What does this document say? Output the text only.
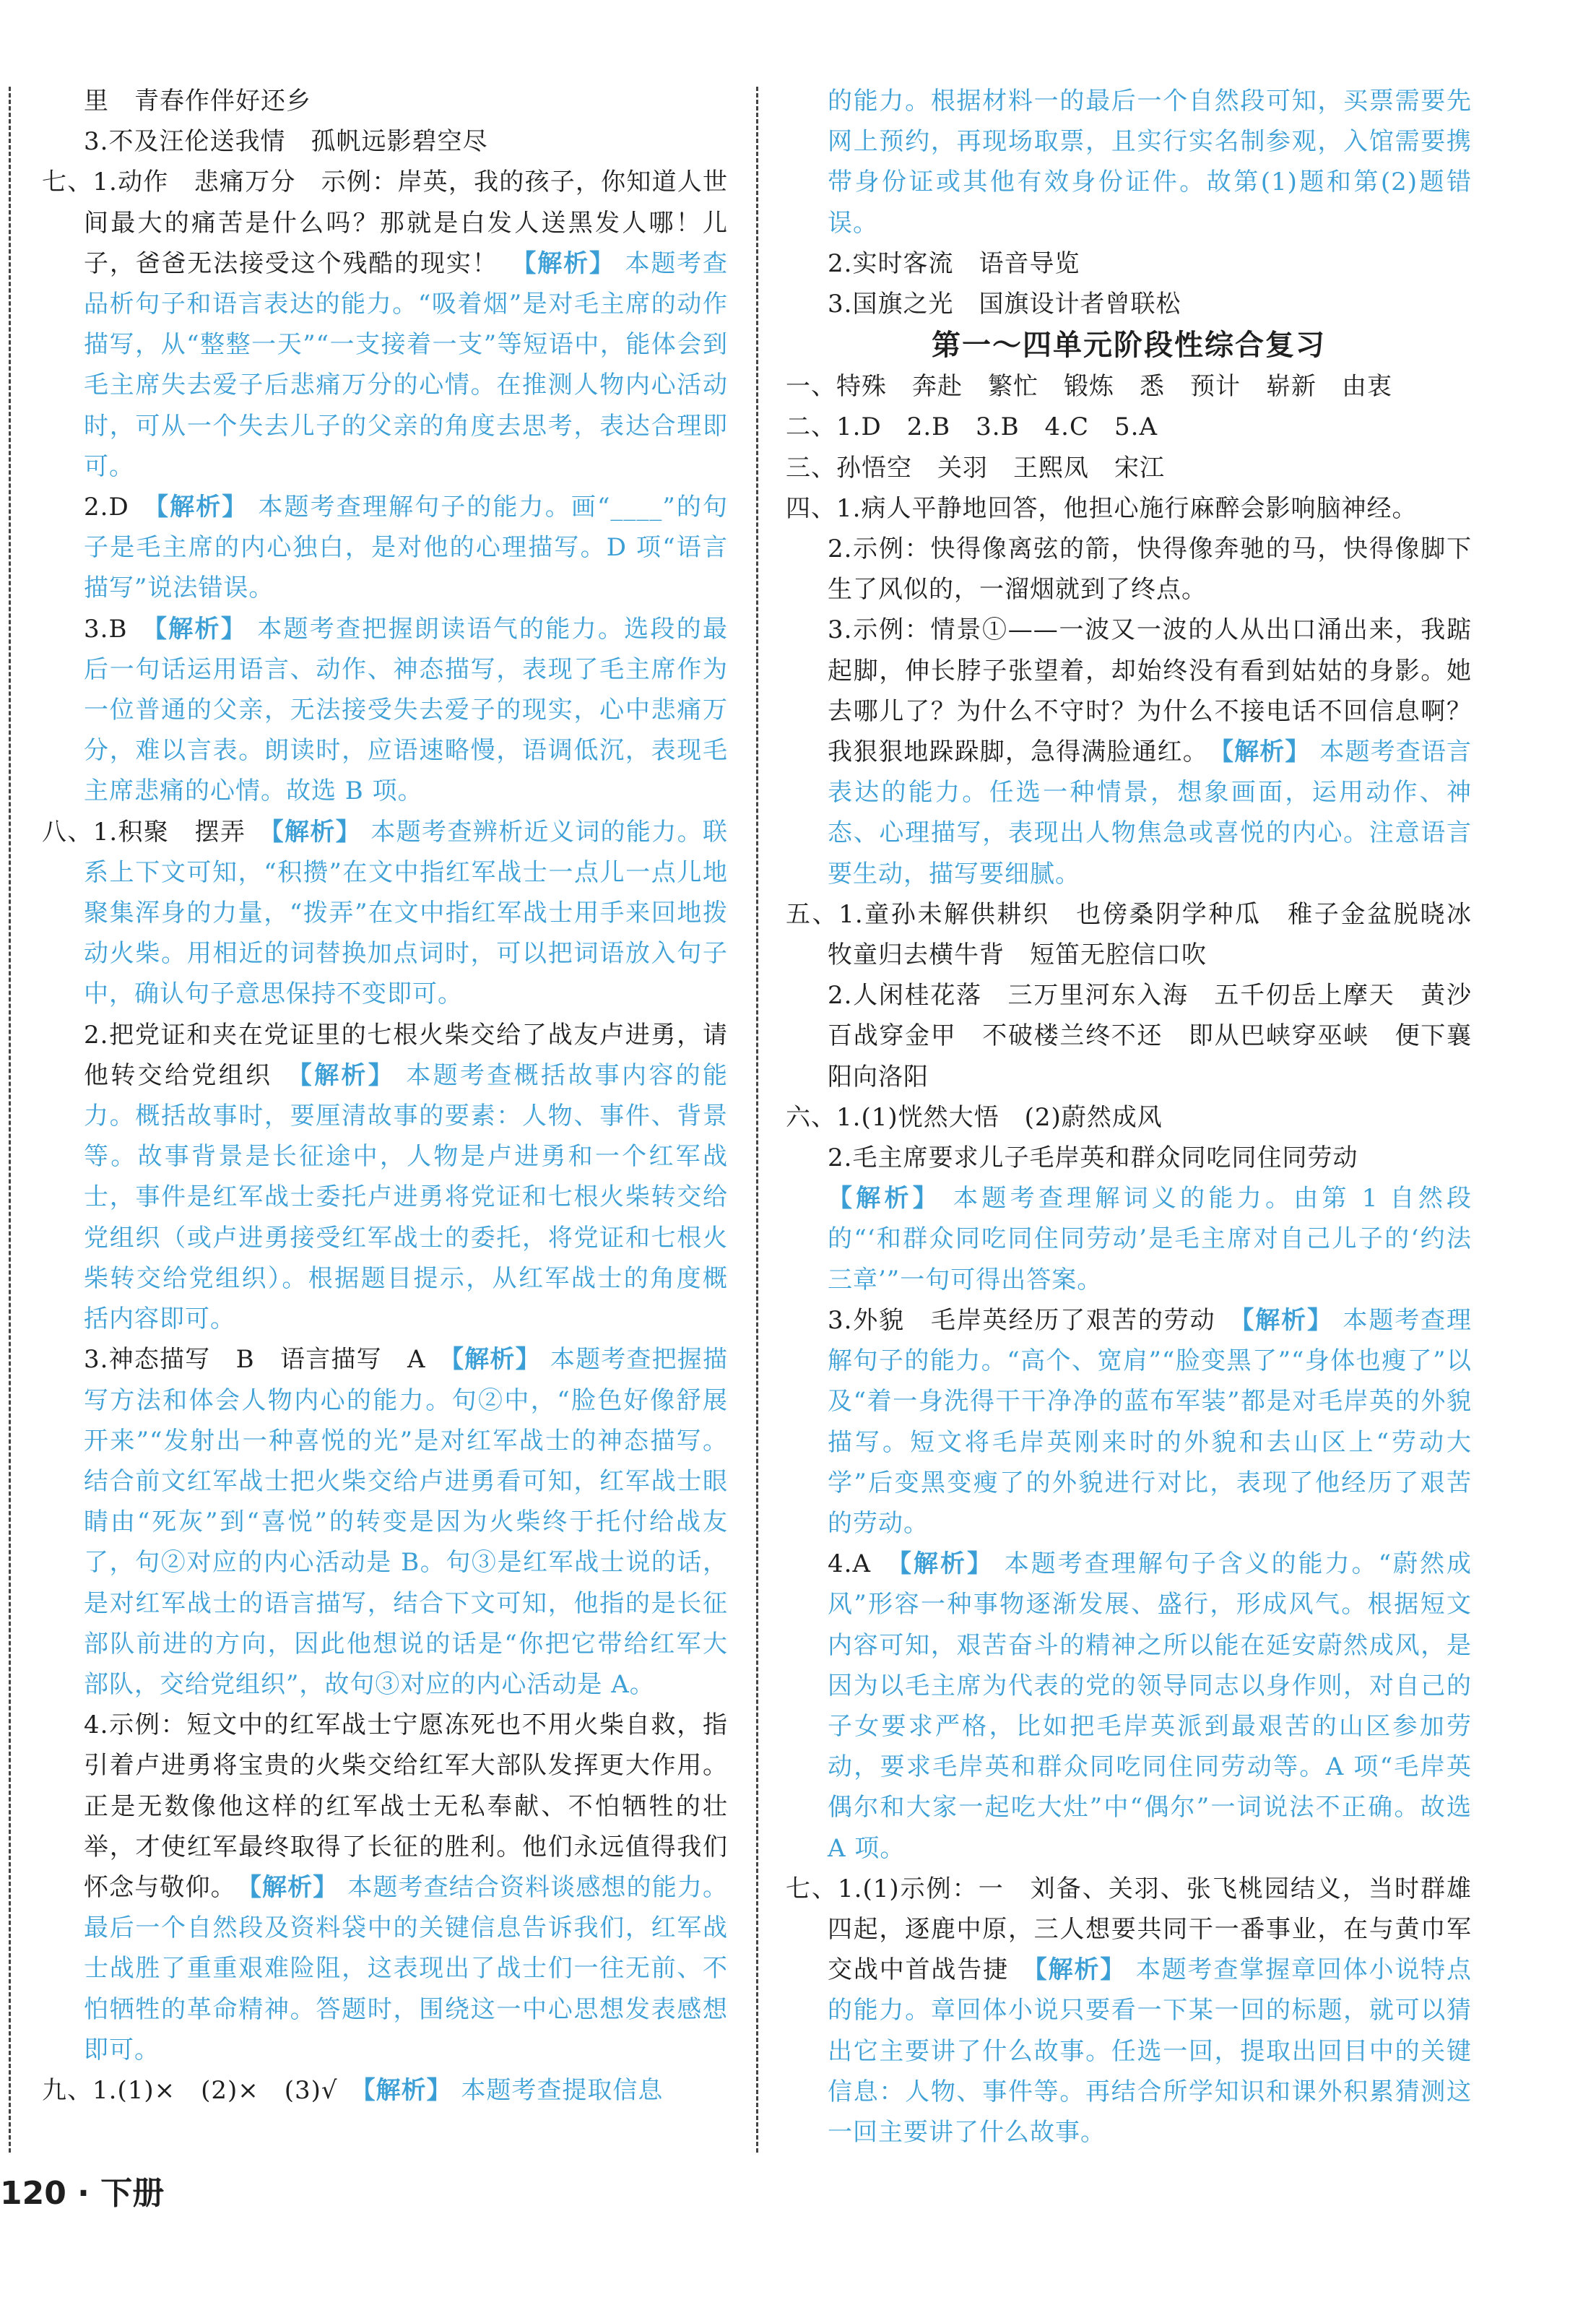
里　青春作伴好还乡

3.不及汪伦送我情　孤帆远影碧空尽

七、1.动作　悲痛万分　示例：岸英，我的孩子，你知道人世间最大的痛苦是什么吗？那就是白发人送黑发人哪！儿子，爸爸无法接受这个残酷的现实！　【解析】 本题考查品析句子和语言表达的能力。“吸着烟”是对毛主席的动作描写，从“整整一天”“一支接着一支”等短语中，能体会到毛主席失去爱子后悲痛万分的心情。在推测人物内心活动时，可从一个失去儿子的父亲的角度去思考，表达合理即可。

2.D　【解析】 本题考查理解句子的能力。画“____”的句子是毛主席的内心独白，是对他的心理描写。D 项“语言描写”说法错误。

3.B　【解析】 本题考查把握朗读语气的能力。选段的最后一句话运用语言、动作、神态描写，表现了毛主席作为一位普通的父亲，无法接受失去爱子的现实，心中悲痛万分，难以言表。朗读时，应语速略慢，语调低沉，表现毛主席悲痛的心情。故选 B 项。

八、1.积聚　摆弄　【解析】 本题考查辨析近义词的能力。联系上下文可知，“积攒”在文中指红军战士一点儿一点儿地聚集浑身的力量，“拨弄”在文中指红军战士用手来回地拨动火柴。用相近的词替换加点词时，可以把词语放入句子中，确认句子意思保持不变即可。

2.把党证和夹在党证里的七根火柴交给了战友卢进勇，请他转交给党组织　【解析】 本题考查概括故事内容的能力。概括故事时，要厘清故事的要素：人物、事件、背景等。故事背景是长征途中，人物是卢进勇和一个红军战士，事件是红军战士委托卢进勇将党证和七根火柴转交给党组织（或卢进勇接受红军战士的委托，将党证和七根火柴转交给党组织）。根据题目提示，从红军战士的角度概括内容即可。

3.神态描写　B　语言描写　A　【解析】 本题考查把握描写方法和体会人物内心的能力。句②中，“脸色好像舒展开来”“发射出一种喜悦的光”是对红军战士的神态描写。结合前文红军战士把火柴交给卢进勇看可知，红军战士眼睛由“死灰”到“喜悦”的转变是因为火柴终于托付给战友了，句②对应的内心活动是 B。句③是红军战士说的话，是对红军战士的语言描写，结合下文可知，他指的是长征部队前进的方向，因此他想说的话是“你把它带给红军大部队，交给党组织”，故句③对应的内心活动是 A。

4.示例：短文中的红军战士宁愿冻死也不用火柴自救，指引着卢进勇将宝贵的火柴交给红军大部队发挥更大作用。正是无数像他这样的红军战士无私奉献、不怕牺牲的壮举，才使红军最终取得了长征的胜利。他们永远值得我们怀念与敬仰。　【解析】 本题考查结合资料谈感想的能力。最后一个自然段及资料袋中的关键信息告诉我们，红军战士战胜了重重艰难险阻，这表现出了战士们一往无前、不怕牺牲的革命精神。答题时，围绕这一中心思想发表感想即可。

九、1.(1)×　(2)×　(3)√　【解析】 本题考查提取信息

的能力。根据材料一的最后一个自然段可知，买票需要先网上预约，再现场取票，且实行实名制参观，入馆需要携带身份证或其他有效身份证件。故第(1)题和第(2)题错误。

2.实时客流　语音导览

3.国旗之光　国旗设计者曾联松

第一～四单元阶段性综合复习

一、特殊　奔赴　繁忙　锻炼　悉　预计　崭新　由衷

二、1.D　2.B　3.B　4.C　5.A

三、孙悟空　关羽　王熙凤　宋江

四、1.病人平静地回答，他担心施行麻醉会影响脑神经。

2.示例：快得像离弦的箭，快得像奔驰的马，快得像脚下生了风似的，一溜烟就到了终点。

3.示例：情景①——一波又一波的人从出口涌出来，我踮起脚，伸长脖子张望着，却始终没有看到姑姑的身影。她去哪儿了？为什么不守时？为什么不接电话不回信息啊？我狠狠地跺跺脚，急得满脸通红。　【解析】 本题考查语言表达的能力。任选一种情景，想象画面，运用动作、神态、心理描写，表现出人物焦急或喜悦的内心。注意语言要生动，描写要细腻。

五、1.童孙未解供耕织　也傍桑阴学种瓜　稚子金盆脱晓冰　牧童归去横牛背　短笛无腔信口吹

2.人闲桂花落　三万里河东入海　五千仞岳上摩天　黄沙百战穿金甲　不破楼兰终不还　即从巴峡穿巫峡　便下襄阳向洛阳

六、1.(1)恍然大悟　(2)蔚然成风

2.毛主席要求儿子毛岸英和群众同吃同住同劳动

【解析】 本题考查理解词义的能力。由第 1 自然段的“‘和群众同吃同住同劳动’是毛主席对自己儿子的‘约法三章’”一句可得出答案。

3.外貌　毛岸英经历了艰苦的劳动　【解析】 本题考查理解句子的能力。“高个、宽肩”“脸变黑了”“身体也瘦了”以及“着一身洗得干干净净的蓝布军装”都是对毛岸英的外貌描写。短文将毛岸英刚来时的外貌和去山区上“劳动大学”后变黑变瘦了的外貌进行对比，表现了他经历了艰苦的劳动。

4.A　【解析】 本题考查理解句子含义的能力。“蔚然成风”形容一种事物逐渐发展、盛行，形成风气。根据短文内容可知，艰苦奋斗的精神之所以能在延安蔚然成风，是因为以毛主席为代表的党的领导同志以身作则，对自己的子女要求严格，比如把毛岸英派到最艰苦的山区参加劳动，要求毛岸英和群众同吃同住同劳动等。A 项“毛岸英偶尔和大家一起吃大灶”中“偶尔”一词说法不正确。故选 A 项。

七、1.(1)示例：一　刘备、关羽、张飞桃园结义，当时群雄四起，逐鹿中原，三人想要共同干一番事业，在与黄巾军交战中首战告捷　【解析】 本题考查掌握章回体小说特点的能力。章回体小说只要看一下某一回的标题，就可以猜出它主要讲了什么故事。任选一回，提取出回目中的关键信息：人物、事件等。再结合所学知识和课外积累猜测这一回主要讲了什么故事。

120 · 下册
